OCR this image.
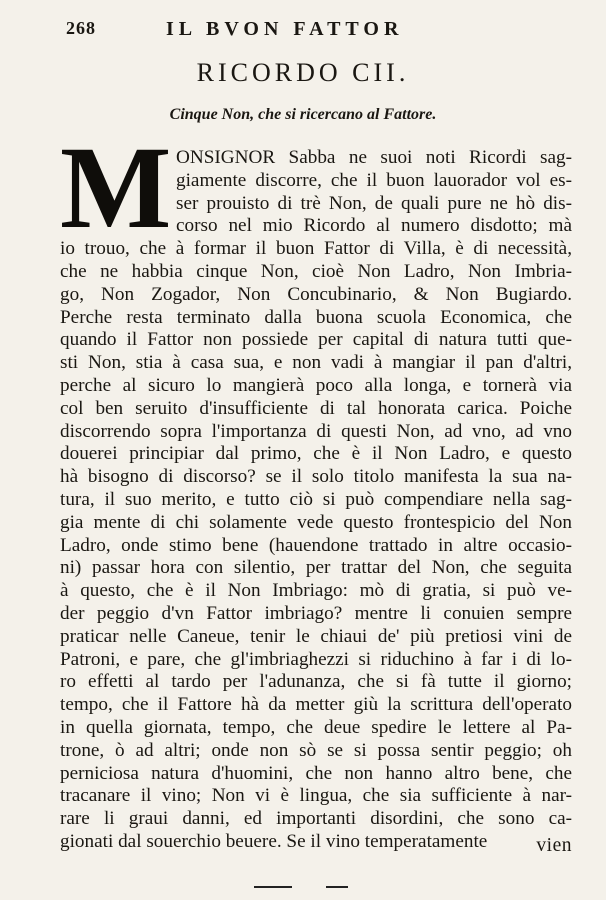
268	IL BVON FATTOR
RICORDO CII.
Cinque Non, che si ricercano al Fattore.
M ONSIGNOR Sabba ne suoi noti Ricordi sag-
giamente discorre, che il buon lauorador vol es-
ser prouisto di trè Non, de quali pure ne hò dis-
corso nel mio Ricordo al numero disdotto; mà
io trouo, che à formar il buon Fattor di Villa, è di necessità,
che ne habbia cinque Non, cioè Non Ladro, Non Imbria-
go, Non Zogador, Non Concubinario, & Non Bugiardo.
Perche resta terminato dalla buona scuola Economica, che
quando il Fattor non possiede per capital di natura tutti que-
sti Non, stia à casa sua, e non vadi à mangiar il pan d'altri,
perche al sicuro lo mangierà poco alla longa, e tornerà via
col ben seruito d'insufficiente di tal honorata carica. Poiche
discorrendo sopra l'importanza di questi Non, ad vno, ad vno
douerei principiar dal primo, che è il Non Ladro, e questo
hà bisogno di discorso? se il solo titolo manifesta la sua na-
tura, il suo merito, e tutto ciò si può compendiare nella sag-
gia mente di chi solamente vede questo frontespicio del Non
Ladro, onde stimo bene (hauendone trattado in altre occasio-
ni) passar hora con silentio, per trattar del Non, che seguita
à questo, che è il Non Imbriago: mò di gratia, si può ve-
der peggio d'vn Fattor imbriago? mentre li conuien sempre
praticar nelle Caneue, tenir le chiaui de' più pretiosi vini de
Patroni, e pare, che gl'imbriaghezzi si riduchino à far i di lo-
ro effetti al tardo per l'adunanza, che si fà tutte il giorno;
tempo, che il Fattore hà da metter giù la scrittura dell'operato
in quella giornata, tempo, che deue spedire le lettere al Pa-
trone, ò ad altri; onde non sò se si possa sentir peggio; oh
perniciosa natura d'huomini, che non hanno altro bene, che
tracanare il vino; Non vi è lingua, che sia sufficiente à nar-
rare li graui danni, ed importanti disordini, che sono ca-
gionati dal souerchio beuere. Se il vino temperatamente	vien
